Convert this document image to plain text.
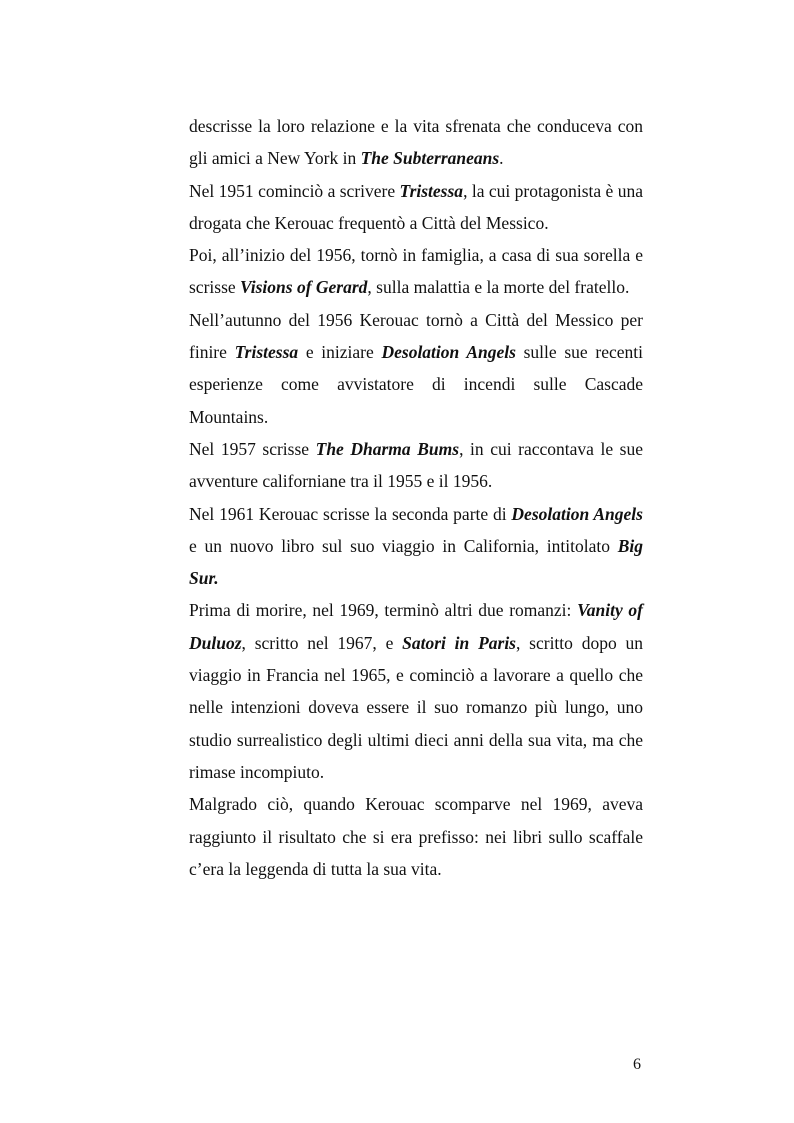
descrisse la loro relazione e la vita sfrenata che conduceva con gli amici a New York in The Subterraneans.

Nel 1951 cominciò a scrivere Tristessa, la cui protagonista è una drogata che Kerouac frequentò a Città del Messico.

Poi, all’inizio del 1956, tornò in famiglia, a casa di sua sorella e scrisse Visions of Gerard, sulla malattia e la morte del fratello.

Nell’autunno del 1956 Kerouac tornò a Città del Messico per finire Tristessa e iniziare Desolation Angels sulle sue recenti esperienze come avvistatore di incendi sulle Cascade Mountains.

Nel 1957 scrisse The Dharma Bums, in cui raccontava le sue avventure californiane tra il 1955 e il 1956.

Nel 1961 Kerouac scrisse la seconda parte di Desolation Angels e un nuovo libro sul suo viaggio in California, intitolato Big Sur.

Prima di morire, nel 1969, terminò altri due romanzi: Vanity of Duluoz, scritto nel 1967, e Satori in Paris, scritto dopo un viaggio in Francia nel 1965, e cominciò a lavorare a quello che nelle intenzioni doveva essere il suo romanzo più lungo, uno studio surrealistico degli ultimi dieci anni della sua vita, ma che rimase incompiuto.

Malgrado ciò, quando Kerouac scomparve nel 1969, aveva raggiunto il risultato che si era prefisso: nei libri sullo scaffale c’era la leggenda di tutta la sua vita.

6
